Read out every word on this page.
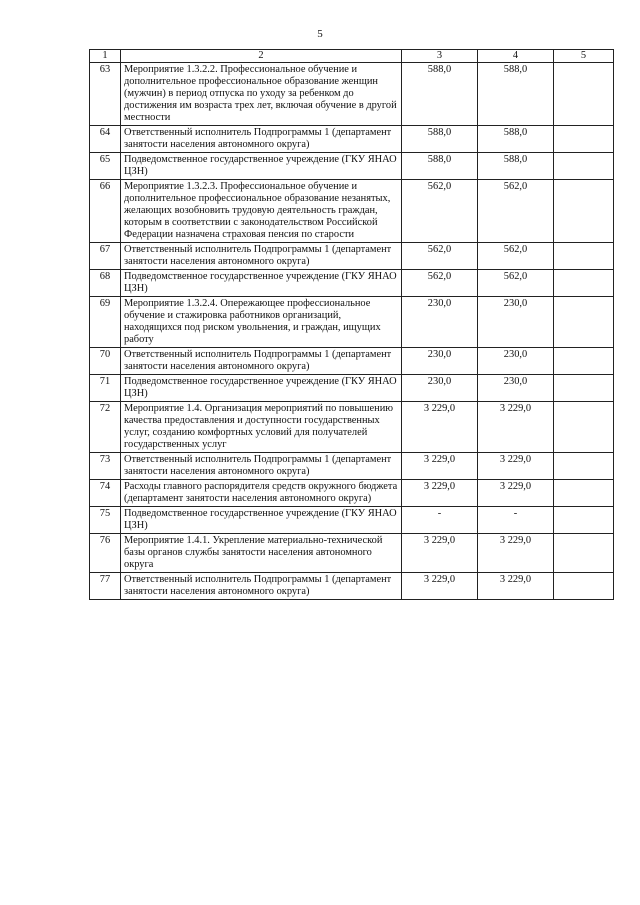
5
1	2	3	4	5
63	Мероприятие 1.3.2.2. Профессиональное обучение и дополнительное профессиональное образование женщин (мужчин) в период отпуска по уходу за ребенком до достижения им возраста трех лет, включая обучение в другой местности	588,0	588,0	
64	Ответственный исполнитель Подпрограммы 1 (департамент занятости населения автономного округа)	588,0	588,0	
65	Подведомственное государственное учреждение (ГКУ ЯНАО ЦЗН)	588,0	588,0	
66	Мероприятие 1.3.2.3. Профессиональное обучение и дополнительное профессиональное образование незанятых, желающих возобновить трудовую деятельность граждан, которым в соответствии с законодательством Российской Федерации назначена страховая пенсия по старости	562,0	562,0	
67	Ответственный исполнитель Подпрограммы 1 (департамент занятости населения автономного округа)	562,0	562,0	
68	Подведомственное государственное учреждение (ГКУ ЯНАО ЦЗН)	562,0	562,0	
69	Мероприятие 1.3.2.4. Опережающее профессиональное обучение и стажировка работников организаций, находящихся под риском увольнения, и граждан, ищущих работу	230,0	230,0	
70	Ответственный исполнитель Подпрограммы 1 (департамент занятости населения автономного округа)	230,0	230,0	
71	Подведомственное государственное учреждение (ГКУ ЯНАО ЦЗН)	230,0	230,0	
72	Мероприятие 1.4. Организация мероприятий по повышению качества предоставления и доступности государственных услуг, созданию комфортных условий для получателей государственных услуг	3 229,0	3 229,0	
73	Ответственный исполнитель Подпрограммы 1 (департамент занятости населения автономного округа)	3 229,0	3 229,0	
74	Расходы главного распорядителя средств окружного бюджета (департамент занятости населения автономного округа)	3 229,0	3 229,0	
75	Подведомственное государственное учреждение (ГКУ ЯНАО ЦЗН)	-	-	
76	Мероприятие 1.4.1. Укрепление материально-технической базы органов службы занятости населения автономного округа	3 229,0	3 229,0	
77	Ответственный исполнитель Подпрограммы 1 (департамент занятости населения автономного округа)	3 229,0	3 229,0	
